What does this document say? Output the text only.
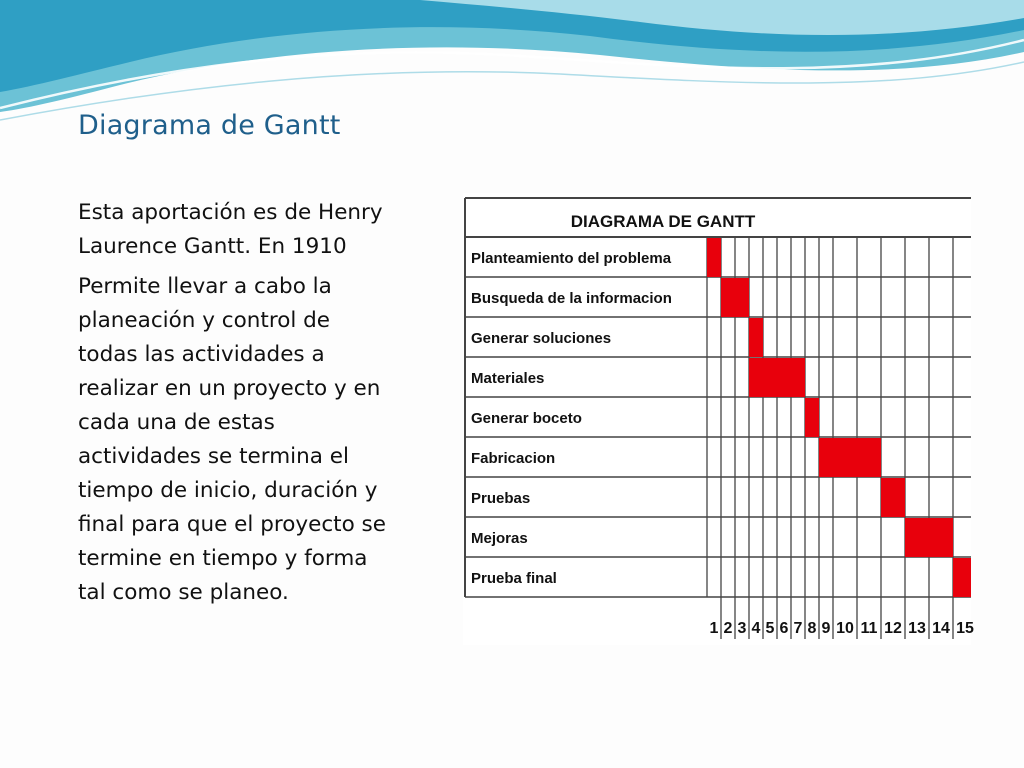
Diagrama de Gantt

Esta aportación es de Henry Laurence Gantt. En 1910

Permite llevar a cabo la planeación y control de todas las actividades a realizar en un proyecto y en cada una de estas actividades se termina el tiempo de inicio, duración y final para que el proyecto se termine en tiempo y forma tal como se planeo.

DIAGRAMA DE GANTT
Planteamiento del problema
Busqueda de la informacion
Generar soluciones
Materiales
Generar boceto
Fabricacion
Pruebas
Mejoras
Prueba final
1 2 3 4 5 6 7 8 9 10 11 12 13 14 15
